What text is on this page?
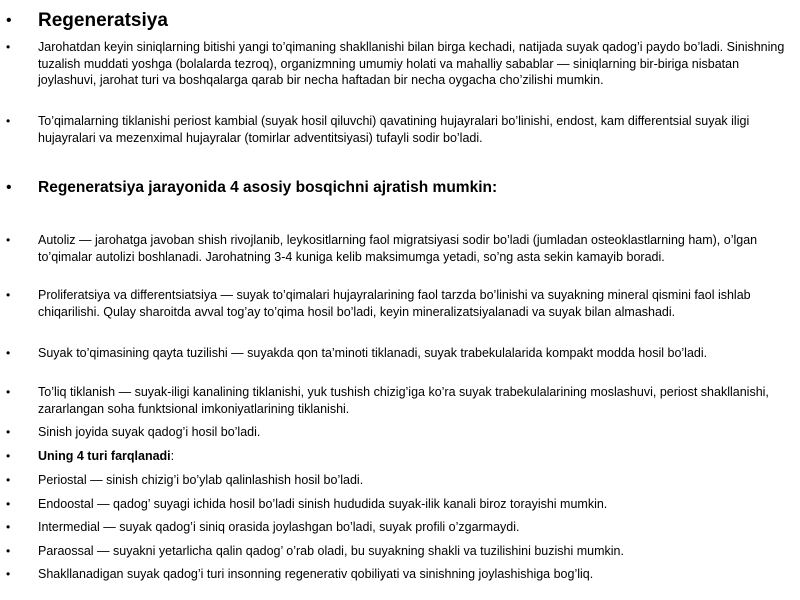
• Regeneratsiya
• Jarohatdan keyin siniqlarning bitishi yangi to’qimaning shakllanishi bilan birga kechadi, natijada suyak qadog’i paydo bo’ladi. Sinishning tuzalish muddati yoshga (bolalarda tezroq), organizmning umumiy holati va mahalliy sabablar — siniqlarning bir-biriga nisbatan joylashuvi, jarohat turi va boshqalarga qarab bir necha haftadan bir necha oygacha cho’zilishi mumkin.
• To’qimalarning tiklanishi periost kambial (suyak hosil qiluvchi) qavatining hujayralari bo’linishi, endost, kam differentsial suyak iligi hujayralari va mezenximal hujayralar (tomirlar adventitsiyasi) tufayli sodir bo’ladi.
• Regeneratsiya jarayonida 4 asosiy bosqichni ajratish mumkin:
• Autoliz — jarohatga javoban shish rivojlanib, leykositlarning faol migratsiyasi sodir bo’ladi (jumladan osteoklastlarning ham), o’lgan to’qimalar autolizi boshlanadi. Jarohatning 3-4 kuniga kelib maksimumga yetadi, so’ng asta sekin kamayib boradi.
• Proliferatsiya va differentsiatsiya — suyak to’qimalari hujayralarining faol tarzda bo’linishi va suyakning mineral qismini faol ishlab chiqarilishi. Qulay sharoitda avval tog’ay to’qima hosil bo’ladi, keyin mineralizatsiyalanadi va suyak bilan almashadi.
• Suyak to’qimasining qayta tuzilishi — suyakda qon ta’minoti tiklanadi, suyak trabekulalarida kompakt modda hosil bo’ladi.
• To’liq tiklanish — suyak-iligi kanalining tiklanishi, yuk tushish chizig’iga ko’ra suyak trabekulalarining moslashuvi, periost shakllanishi, zararlangan soha funktsional imkoniyatlarining tiklanishi.
• Sinish joyida suyak qadog’i hosil bo’ladi.
• Uning 4 turi farqlanadi:
• Periostal — sinish chizig’i bo’ylab qalinlashish hosil bo’ladi.
• Endoostal — qadog’ suyagi ichida hosil bo’ladi sinish hududida suyak-ilik kanali biroz torayishi mumkin.
• Intermedial — suyak qadog’i siniq orasida joylashgan bo’ladi, suyak profili o’zgarmaydi.
• Paraossal — suyakni yetarlicha qalin qadog’ o’rab oladi, bu suyakning shakli va tuzilishini buzishi mumkin.
• Shakllanadigan suyak qadog’i turi insonning regenerativ qobiliyati va sinishning joylashishiga bog’liq.
